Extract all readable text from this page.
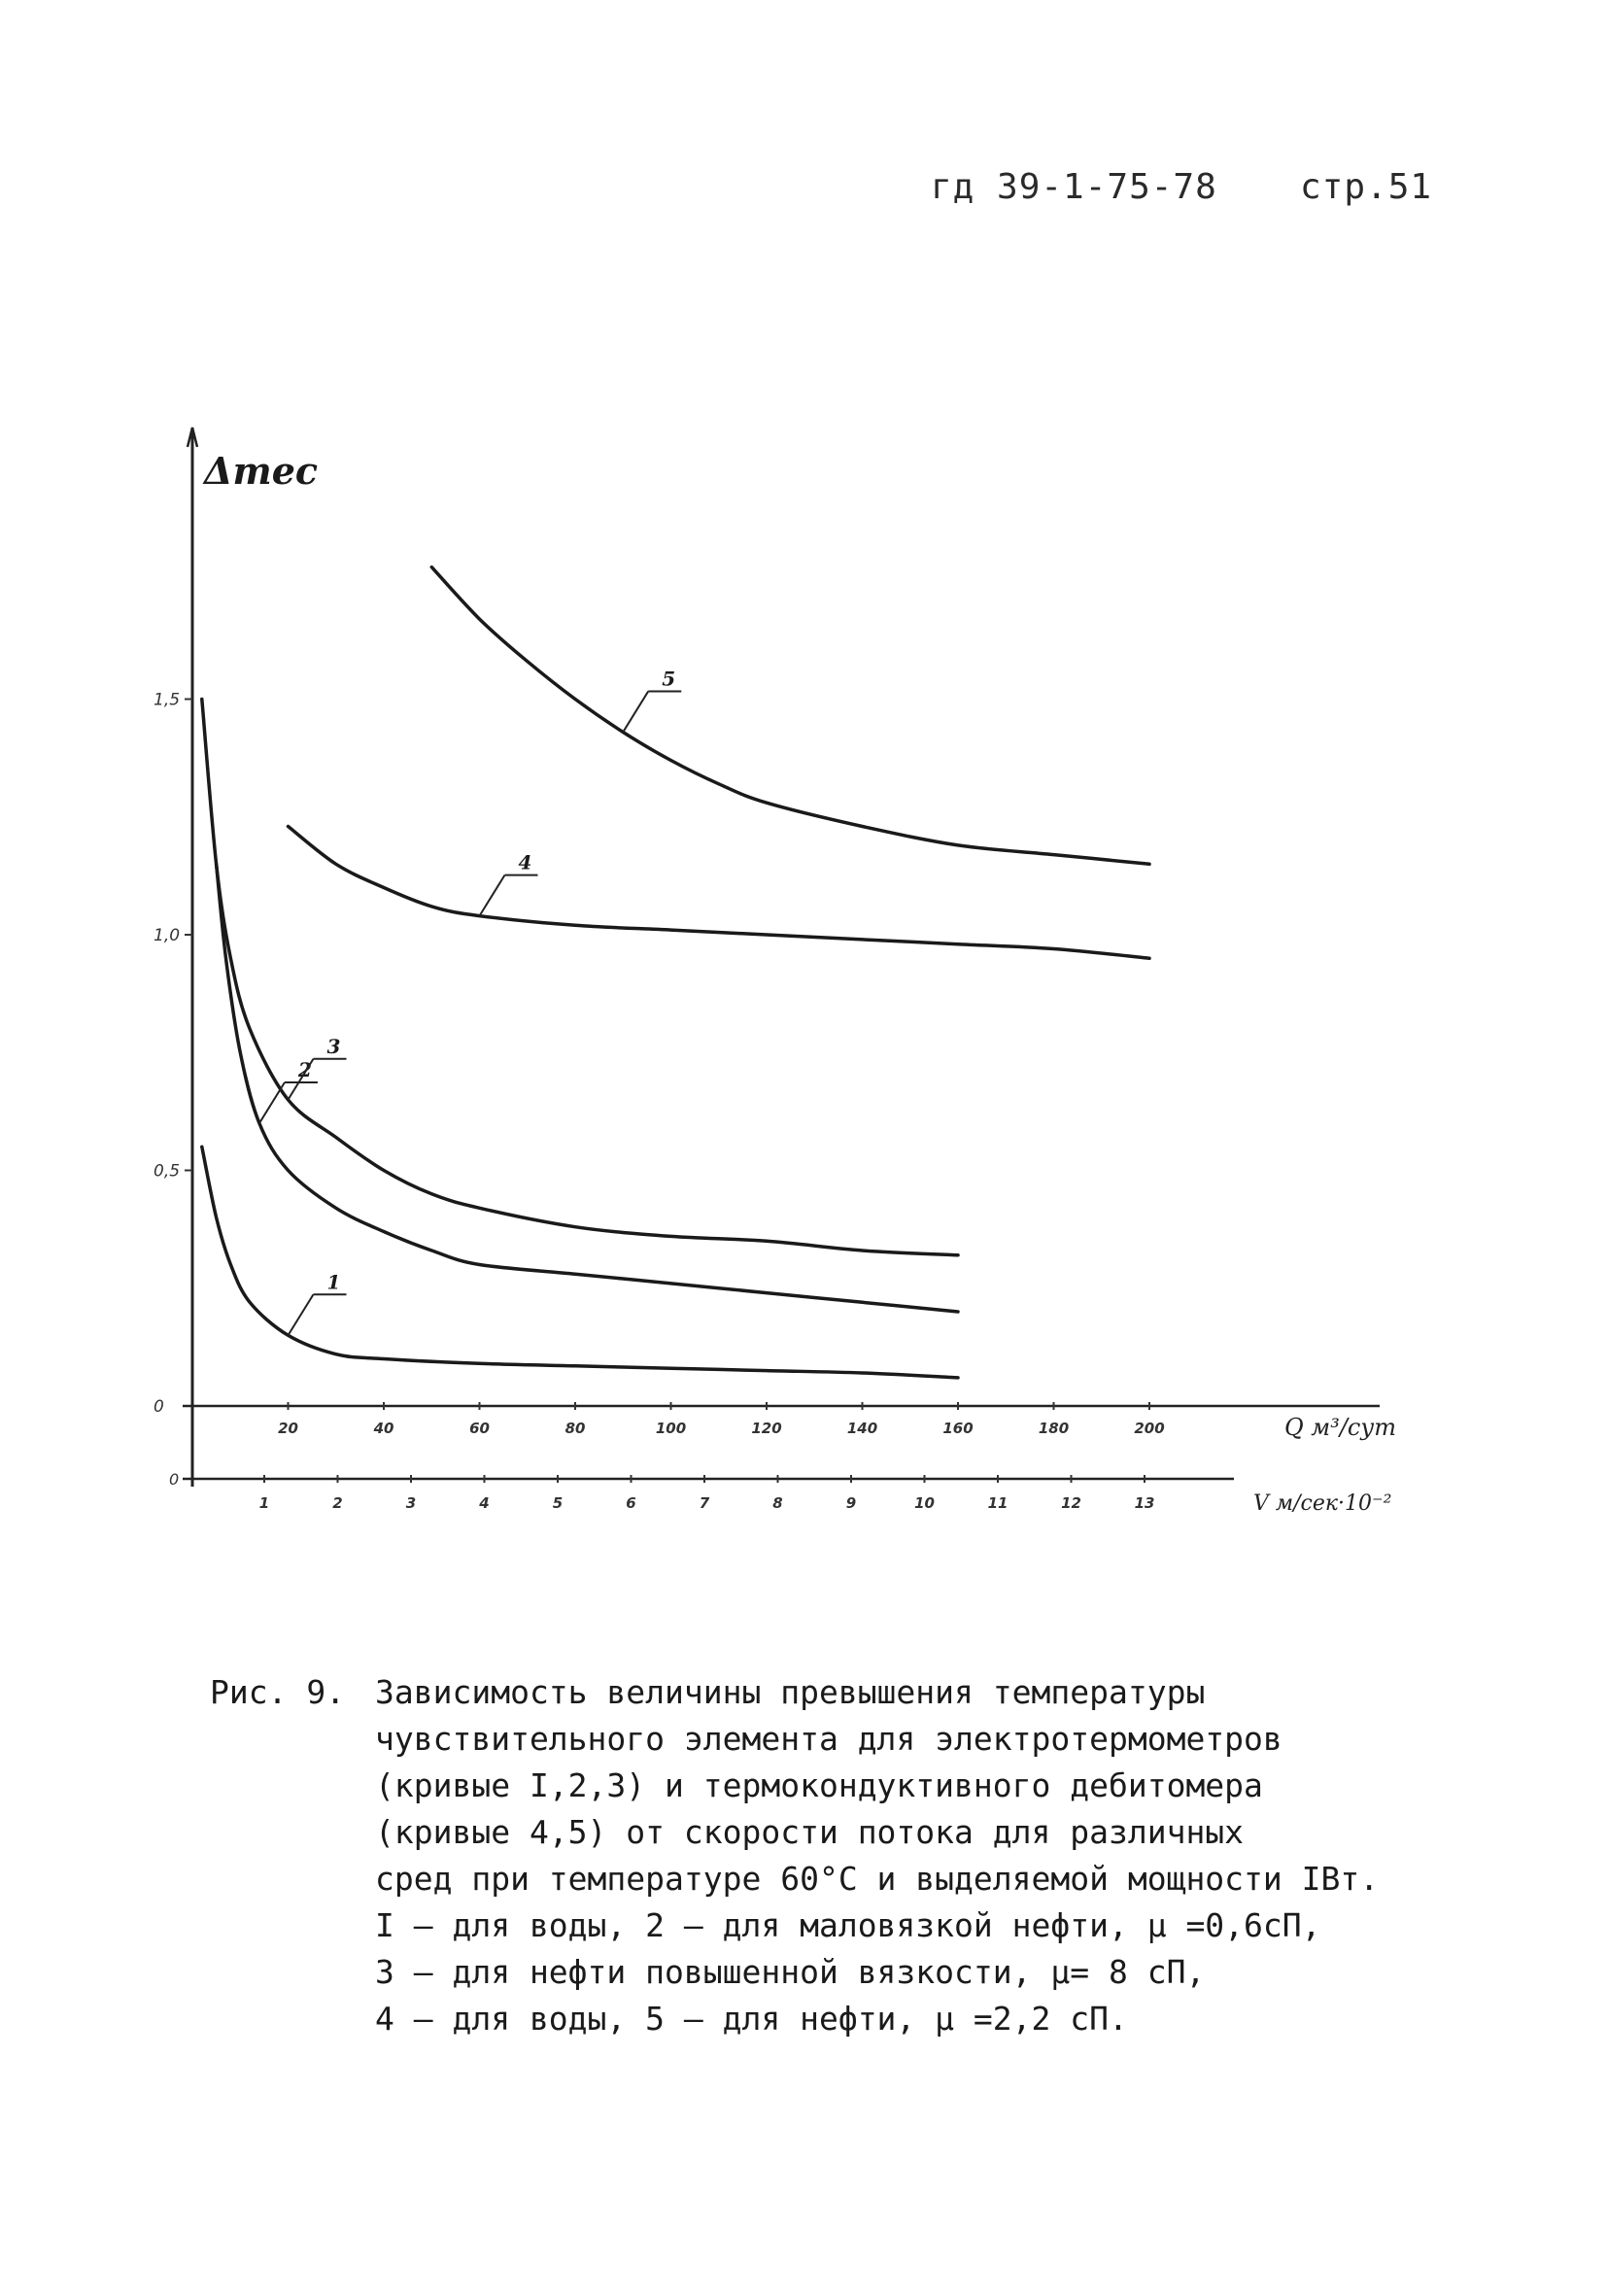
гд 39-1-75-78 стр.51
Δтес
Q м³/сут
V м/сек·10⁻²
0
0,5
1,0
1,5
20	40	60	80	100	120	140	160	180	200
0
1	2	3	4	5	6	7	8	9	10	11	12	13
1
2
3
4
5

Рис. 9.

Зависимость величины превышения температуры

чувствительного элемента для электротермометров
(кривые I,2,3) и термокондуктивного дебитомера
(кривые 4,5) от скорости потока для различных
сред при температуре 60°С и выделяемой мощности IВт.
I – для воды, 2 – для маловязкой нефти, μ =0,6сП,
3 – для нефти повышенной вязкости, μ= 8 сП,
4 – для воды, 5 – для нефти, μ =2,2 сП.
